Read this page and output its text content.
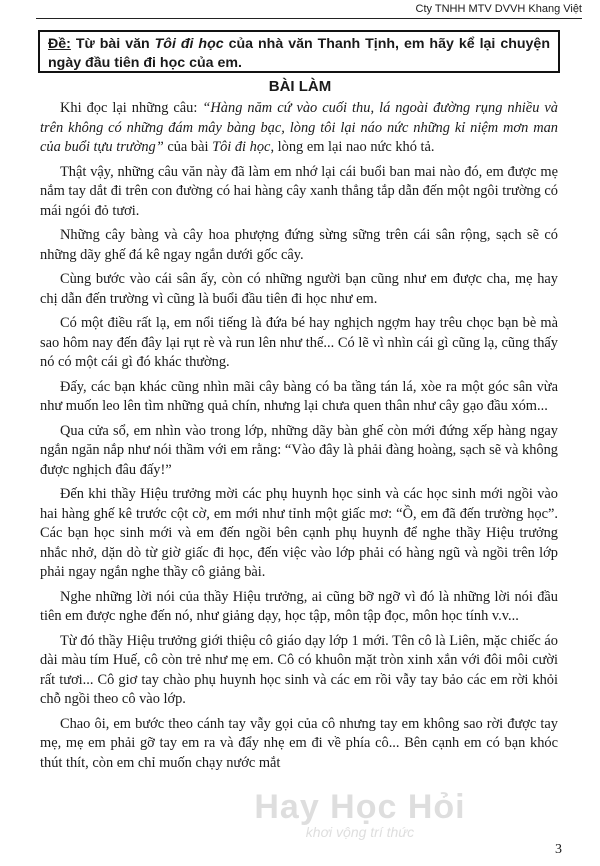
Cty TNHH MTV DVVH Khang Việt
Đề: Từ bài văn Tôi đi học của nhà văn Thanh Tịnh, em hãy kể lại chuyện ngày đầu tiên đi học của em.
BÀI LÀM

Khi đọc lại những câu: “Hàng năm cứ vào cuối thu, lá ngoài đường rụng nhiều và trên không có những đám mây bàng bạc, lòng tôi lại náo nức những kỉ niệm mơn man của buổi tựu trường” của bài Tôi đi học, lòng em lại nao nức khó tả.

Thật vậy, những câu văn này đã làm em nhớ lại cái buổi ban mai nào đó, em được mẹ nắm tay dắt đi trên con đường có hai hàng cây xanh thẳng tắp dẫn đến một ngôi trường có mái ngói đỏ tươi.

Những cây bàng và cây hoa phượng đứng sừng sững trên cái sân rộng, sạch sẽ có những dãy ghế đá kê ngay ngắn dưới gốc cây.

Cùng bước vào cái sân ấy, còn có những người bạn cũng như em được cha, mẹ hay chị dẫn đến trường vì cũng là buổi đầu tiên đi học như em.

Có một điều rất lạ, em nổi tiếng là đứa bé hay nghịch ngợm hay trêu chọc bạn bè mà sao hôm nay đến đây lại rụt rè và run lên như thế... Có lẽ vì nhìn cái gì cũng lạ, cũng thấy nó có một cái gì đó khác thường.

Đấy, các bạn khác cũng nhìn mãi cây bàng có ba tầng tán lá, xòe ra một góc sân vừa như muốn leo lên tìm những quả chín, nhưng lại chưa quen thân như cây gạo đầu xóm...

Qua cửa sổ, em nhìn vào trong lớp, những dãy bàn ghế còn mới đứng xếp hàng ngay ngắn ngăn nắp như nói thầm với em rằng: “Vào đây là phải đàng hoàng, sạch sẽ và không được nghịch đâu đấy!”

Đến khi thầy Hiệu trưởng mời các phụ huynh học sinh và các học sinh mới ngồi vào hai hàng ghế kê trước cột cờ, em mới như tỉnh một giấc mơ: “Ồ, em đã đến trường học”. Các bạn học sinh mới và em đến ngồi bên cạnh phụ huynh để nghe thầy Hiệu trưởng nhắc nhở, dặn dò từ giờ giấc đi học, đến việc vào lớp phải có hàng ngũ và ngồi trên lớp phải ngay ngắn nghe thầy cô giảng bài.

Nghe những lời nói của thầy Hiệu trưởng, ai cũng bỡ ngỡ vì đó là những lời nói đầu tiên em được nghe đến nó, như giảng dạy, học tập, môn tập đọc, môn học tính v.v...

Từ đó thầy Hiệu trưởng giới thiệu cô giáo dạy lớp 1 mới. Tên cô là Liên, mặc chiếc áo dài màu tím Huế, cô còn trẻ như mẹ em. Cô có khuôn mặt tròn xinh xắn với đôi môi cười rất tươi... Cô giơ tay chào phụ huynh học sinh và các em rồi vẫy tay bảo các em rời khỏi chỗ ngồi theo cô vào lớp.

Chao ôi, em bước theo cánh tay vẫy gọi của cô nhưng tay em không sao rời được tay mẹ, mẹ em phải gỡ tay em ra và đẩy nhẹ em đi về phía cô... Bên cạnh em có bạn khóc thút thít, còn em chỉ muốn chạy nước mắt

Hay Học Hỏi
khơi vộng trí thức
3
